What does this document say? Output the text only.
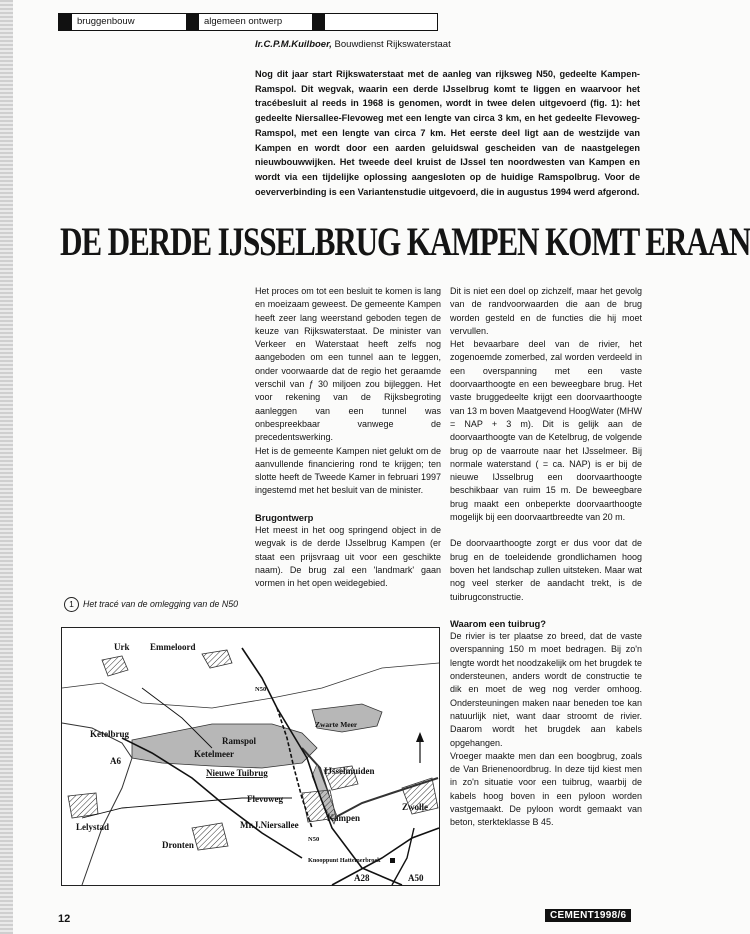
bruggenbouw	algemeen ontwerp
Ir.C.P.M.Kuilboer, Bouwdienst Rijkswaterstaat
Nog dit jaar start Rijkswaterstaat met de aanleg van rijksweg N50, gedeelte Kampen-Ramspol. Dit wegvak, waarin een derde IJsselbrug komt te liggen en waarvoor het tracébesluit al reeds in 1968 is genomen, wordt in twee delen uitgevoerd (fig. 1): het gedeelte Niersallee-Flevoweg met een lengte van circa 3 km, en het gedeelte Flevoweg-Ramspol, met een lengte van circa 7 km. Het eerste deel ligt aan de westzijde van Kampen en wordt door een aarden geluidswal gescheiden van de naastgelegen nieuwbouwwijken. Het tweede deel kruist de IJssel ten noordwesten van Kampen en wordt via een tijdelijke oplossing aangesloten op de huidige Ramspolbrug. Voor de oeververbinding is een Variantenstudie uitgevoerd, die in augustus 1994 werd afgerond.
DE DERDE IJSSELBRUG KAMPEN KOMT ERAAN

Het proces om tot een besluit te komen is lang en moeizaam geweest. De gemeente Kampen heeft zeer lang weerstand geboden tegen de keuze van Rijkswaterstaat. De minister van Verkeer en Waterstaat heeft zelfs nog aangeboden om een tunnel aan te leggen, onder voorwaarde dat de regio het geraamde verschil van ƒ 30 miljoen zou bijleggen. Het voor rekening van de Rijksbegroting aanleggen van een tunnel was onbespreekbaar vanwege de precedentswerking.

Het is de gemeente Kampen niet gelukt om de aanvullende financiering rond te krijgen; ten slotte heeft de Tweede Kamer in februari 1997 ingestemd met het besluit van de minister.

Brugontwerp

Het meest in het oog springend object in de wegvak is de derde IJsselbrug Kampen (er staat een prijsvraag uit voor een geschikte naam). De brug zal een 'landmark' gaan vormen in het open weidegebied.

Dit is niet een doel op zichzelf, maar het gevolg van de randvoorwaarden die aan de brug worden gesteld en de functies die hij moet vervullen.

Het bevaarbare deel van de rivier, het zogenoemde zomerbed, zal worden verdeeld in een overspanning met een vaste doorvaarthoogte en een beweegbare brug. Het vaste bruggedeelte krijgt een doorvaarthoogte van 13 m boven Maatgevend HoogWater (MHW = NAP + 3 m). Dit is gelijk aan de doorvaarthoogte van de Ketelbrug, de volgende brug op de vaarroute naar het IJsselmeer. Bij normale waterstand ( = ca. NAP) is er bij de nieuwe IJsselbrug een doorvaarthoogte beschikbaar van ruim 15 m. De beweegbare brug maakt een onbeperkte doorvaarthoogte mogelijk bij een doorvaartbreedte van 20 m.

De doorvaarthoogte zorgt er dus voor dat de brug en de toeleidende grondlichamen hoog boven het landschap zullen uitsteken. Maar wat nog veel sterker de aandacht trekt, is de tuibrugconstructie.

Waarom een tuibrug?

De rivier is ter plaatse zo breed, dat de vaste overspanning 150 m moet bedragen. Bij zo'n lengte wordt het noodzakelijk om het brugdek te ondersteunen, anders wordt de constructie te dik en moet de weg nog verder omhoog. Ondersteuningen maken naar beneden toe kan natuurlijk niet, want daar stroomt de rivier. Daarom wordt het brugdek aan kabels opgehangen.

Vroeger maakte men dan een boogbrug, zoals de Van Brienenoordbrug. In deze tijd kiest men in zo'n situatie voor een tuibrug, waarbij de kabels hoog boven in een pyloon worden vastgemaakt. De pyloon wordt gemaakt van beton, sterkteklasse B 45.

1 Het tracé van de omlegging van de N50
Emmeloord
Urk
N50
Ketelbrug
Ramspol
Ketelmeer
Zwarte Meer
A6
Nieuwe Tuibrug	IJsselmuiden
Flevoweg
Kampen
Zwolle
Lelystad	Mr.J.Niersallee
Dronten
N50
Knooppunt Hattemerbroek
A28	A50
12	CEMENT1998/6
